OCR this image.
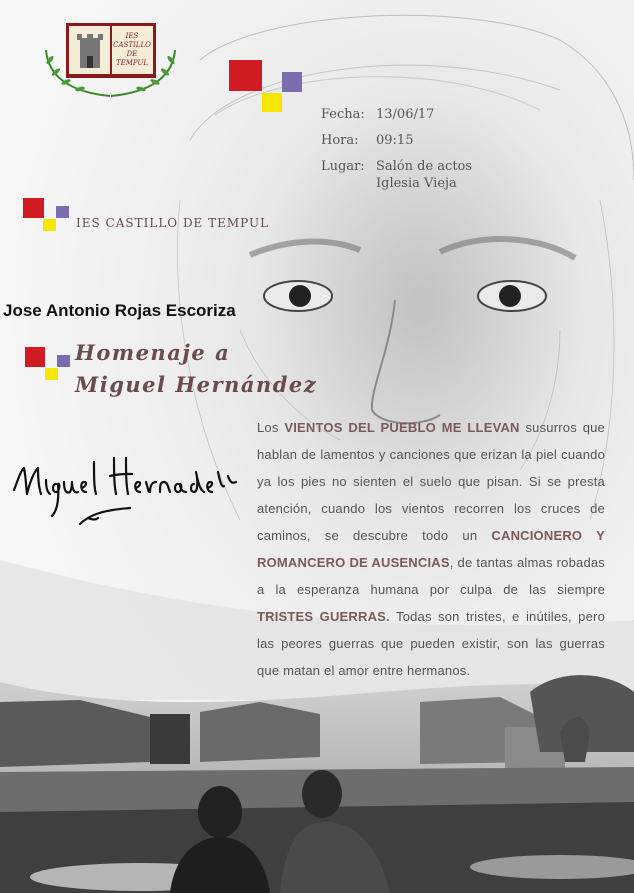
IES
CASTILLO
DE
TEMPUL
Fecha: 13/06/17
Hora:	09:15
Lugar: Salón de actos
Iglesia Vieja
IES CASTILLO DE TEMPUL
Jose Antonio Rojas Escoriza
Homenaje a
Miguel Hernández
Los VIENTOS DEL PUEBLO ME LLEVAN susurros que hablan de lamentos y canciones que erizan la piel cuando ya los pies no sienten el suelo que pisan. Si se presta atención, cuando los vientos recorren los cruces de caminos, se descubre todo un CANCIONERO Y ROMANCERO DE AUSENCIAS, de tantas almas robadas a la esperanza humana por culpa de las siempre TRISTES GUERRAS. Todas son tristes, e inútiles, pero las peores guerras que pueden existir, son las guerras que matan el amor entre hermanos.
